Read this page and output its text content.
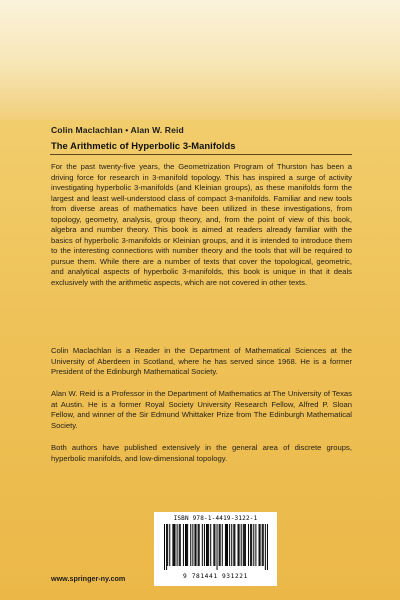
Colin Maclachlan • Alan W. Reid
The Arithmetic of Hyperbolic 3-Manifolds

For the past twenty-five years, the Geometrization Program of Thurston has been a driving force for research in 3-manifold topology. This has inspired a surge of activity investigating hyperbolic 3-manifolds (and Kleinian groups), as these manifolds form the largest and least well-understood class of compact 3-manifolds. Familiar and new tools from diverse areas of mathematics have been utilized in these investigations, from topology, geometry, analysis, group theory, and, from the point of view of this book, algebra and number theory. This book is aimed at readers already familiar with the basics of hyperbolic 3-manifolds or Kleinian groups, and it is intended to introduce them to the interesting connections with number theory and the tools that will be required to pursue them. While there are a number of texts that cover the topological, geometric, and analytical aspects of hyperbolic 3-manifolds, this book is unique in that it deals exclusively with the arithmetic aspects, which are not covered in other texts.

Colin Maclachlan is a Reader in the Department of Mathematical Sciences at the University of Aberdeen in Scotland, where he has served since 1968. He is a former President of the Edinburgh Mathematical Society.

Alan W. Reid is a Professor in the Department of Mathematics at The University of Texas at Austin. He is a former Royal Society University Research Fellow, Alfred P. Sloan Fellow, and winner of the Sir Edmund Whittaker Prize from The Edinburgh Mathematical Society.

Both authors have published extensively in the general area of discrete groups, hyperbolic manifolds, and low-dimensional topology.

ISBN 978-1-4419-3122-1
9 781441 931221
www.springer-ny.com
